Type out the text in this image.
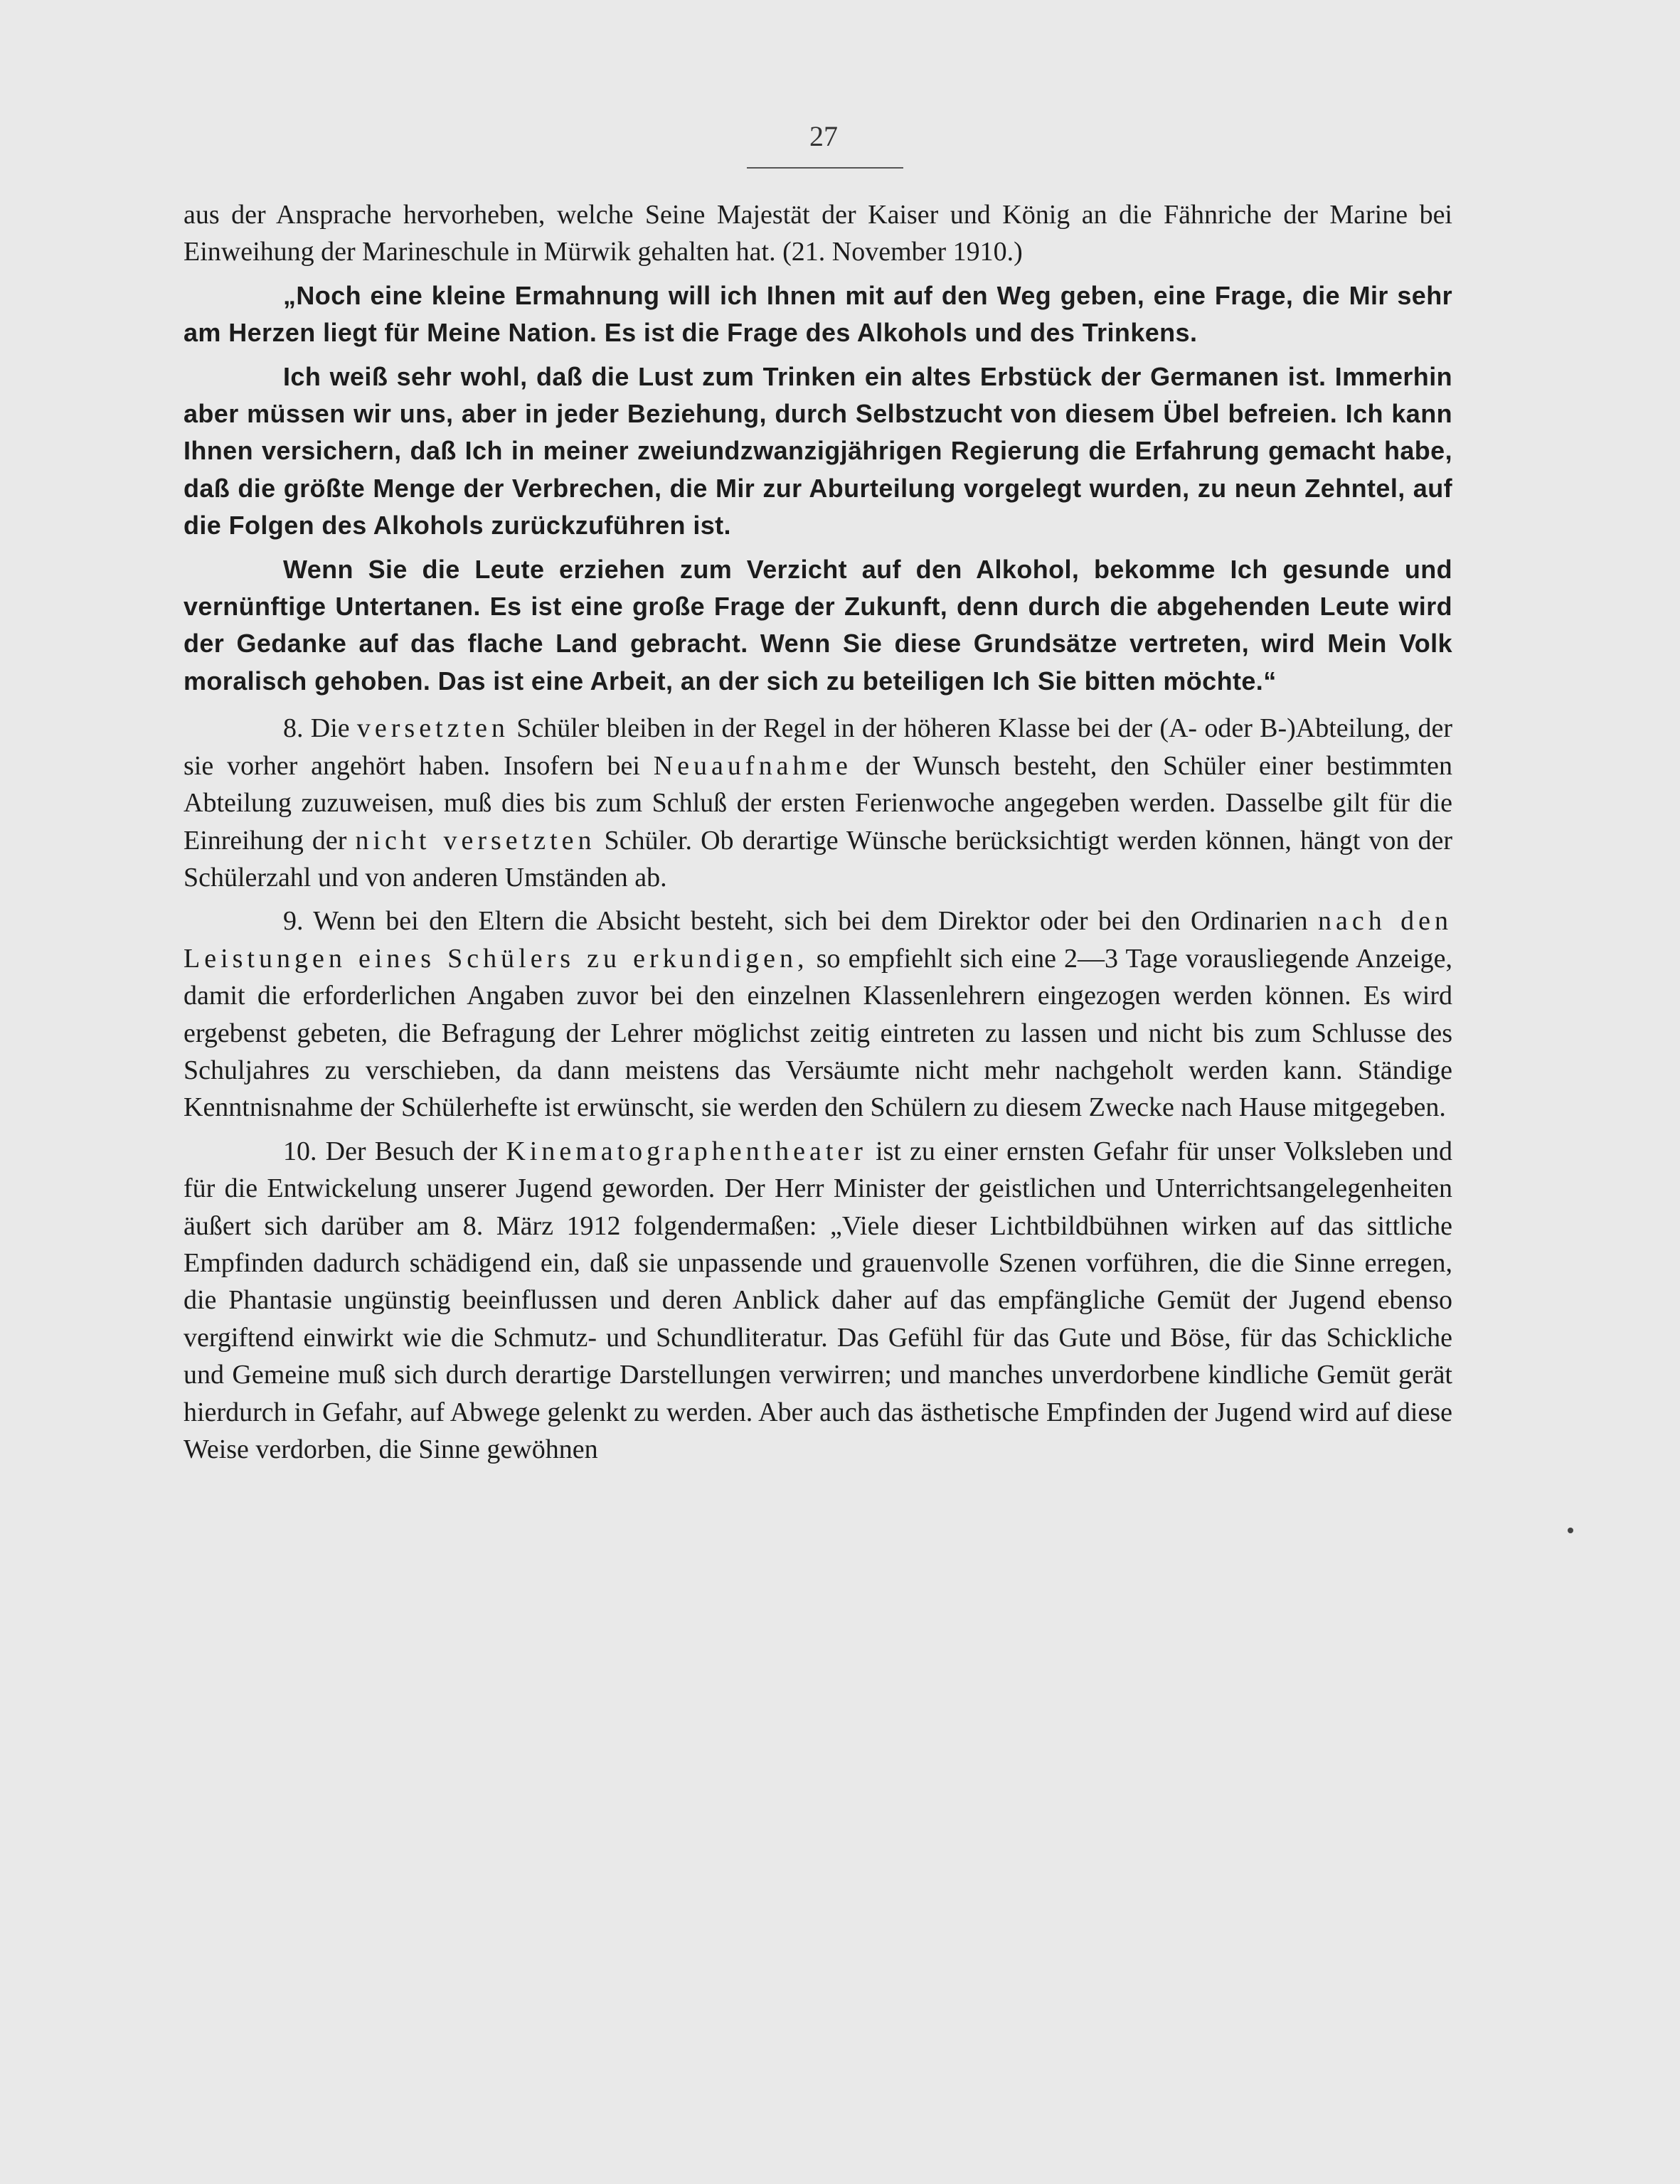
27

aus der Ansprache hervorheben, welche Seine Majestät der Kaiser und König an die Fähnriche der Marine bei Einweihung der Marineschule in Mürwik gehalten hat. (21. November 1910.)

„Noch eine kleine Ermahnung will ich Ihnen mit auf den Weg geben, eine Frage, die Mir sehr am Herzen liegt für Meine Nation. Es ist die Frage des Alkohols und des Trinkens.

Ich weiß sehr wohl, daß die Lust zum Trinken ein altes Erbstück der Germanen ist. Immerhin aber müssen wir uns, aber in jeder Beziehung, durch Selbstzucht von diesem Übel befreien. Ich kann Ihnen versichern, daß Ich in meiner zweiundzwanzigjährigen Regierung die Erfahrung gemacht habe, daß die größte Menge der Verbrechen, die Mir zur Aburteilung vorgelegt wurden, zu neun Zehntel, auf die Folgen des Alkohols zurückzuführen ist.

Wenn Sie die Leute erziehen zum Verzicht auf den Alkohol, bekomme Ich gesunde und vernünftige Untertanen. Es ist eine große Frage der Zukunft, denn durch die abgehenden Leute wird der Gedanke auf das flache Land gebracht. Wenn Sie diese Grundsätze vertreten, wird Mein Volk moralisch gehoben. Das ist eine Arbeit, an der sich zu beteiligen Ich Sie bitten möchte.“

8. Die versetzten Schüler bleiben in der Regel in der höheren Klasse bei der (A- oder B-)Abteilung, der sie vorher angehört haben. Insofern bei Neuaufnahme der Wunsch besteht, den Schüler einer bestimmten Abteilung zuzuweisen, muß dies bis zum Schluß der ersten Ferienwoche angegeben werden. Dasselbe gilt für die Einreihung der nicht versetzten Schüler. Ob derartige Wünsche berücksichtigt werden können, hängt von der Schülerzahl und von anderen Umständen ab.

9. Wenn bei den Eltern die Absicht besteht, sich bei dem Direktor oder bei den Ordinarien nach den Leistungen eines Schülers zu erkundigen, so empfiehlt sich eine 2—3 Tage vorausliegende Anzeige, damit die erforderlichen Angaben zuvor bei den einzelnen Klassenlehrern eingezogen werden können. Es wird ergebenst gebeten, die Befragung der Lehrer möglichst zeitig eintreten zu lassen und nicht bis zum Schlusse des Schuljahres zu verschieben, da dann meistens das Versäumte nicht mehr nachgeholt werden kann. Ständige Kenntnisnahme der Schülerhefte ist erwünscht, sie werden den Schülern zu diesem Zwecke nach Hause mitgegeben.

10. Der Besuch der Kinematographentheater ist zu einer ernsten Gefahr für unser Volksleben und für die Entwickelung unserer Jugend geworden. Der Herr Minister der geistlichen und Unterrichtsangelegenheiten äußert sich darüber am 8. März 1912 folgendermaßen: „Viele dieser Lichtbildbühnen wirken auf das sittliche Empfinden dadurch schädigend ein, daß sie unpassende und grauenvolle Szenen vorführen, die die Sinne erregen, die Phantasie ungünstig beeinflussen und deren Anblick daher auf das empfängliche Gemüt der Jugend ebenso vergiftend einwirkt wie die Schmutz- und Schundliteratur. Das Gefühl für das Gute und Böse, für das Schickliche und Gemeine muß sich durch derartige Darstellungen verwirren; und manches unverdorbene kindliche Gemüt gerät hierdurch in Gefahr, auf Abwege gelenkt zu werden. Aber auch das ästhetische Empfinden der Jugend wird auf diese Weise verdorben, die Sinne gewöhnen
